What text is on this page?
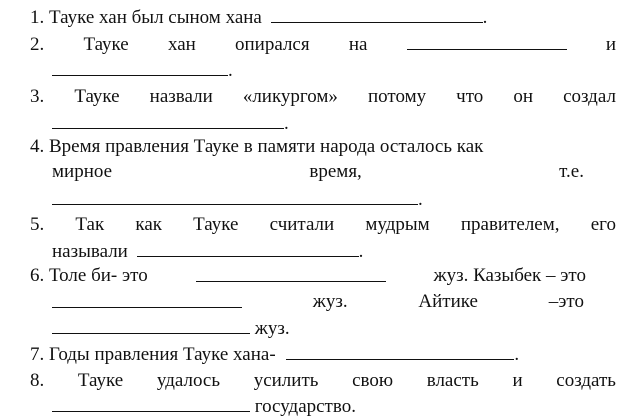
1. Тауке хан был сыном хана	.
2. Тауке хан опирался на	и
.
3. Тауке назвали «ликургом» потому что он создал
.
4. Время правления Тауке в памяти народа осталось как
мирное	время,	т.е.
.
5. Так как Тауке считали мудрым правителем, его
называли	.
6. Толе би- это	жуз. Казыбек – это
жуз.	Айтике	–это
жуз.
7. Годы правления Тауке хана-	.
8. Тауке удалось усилить свою власть и создать
государство.
